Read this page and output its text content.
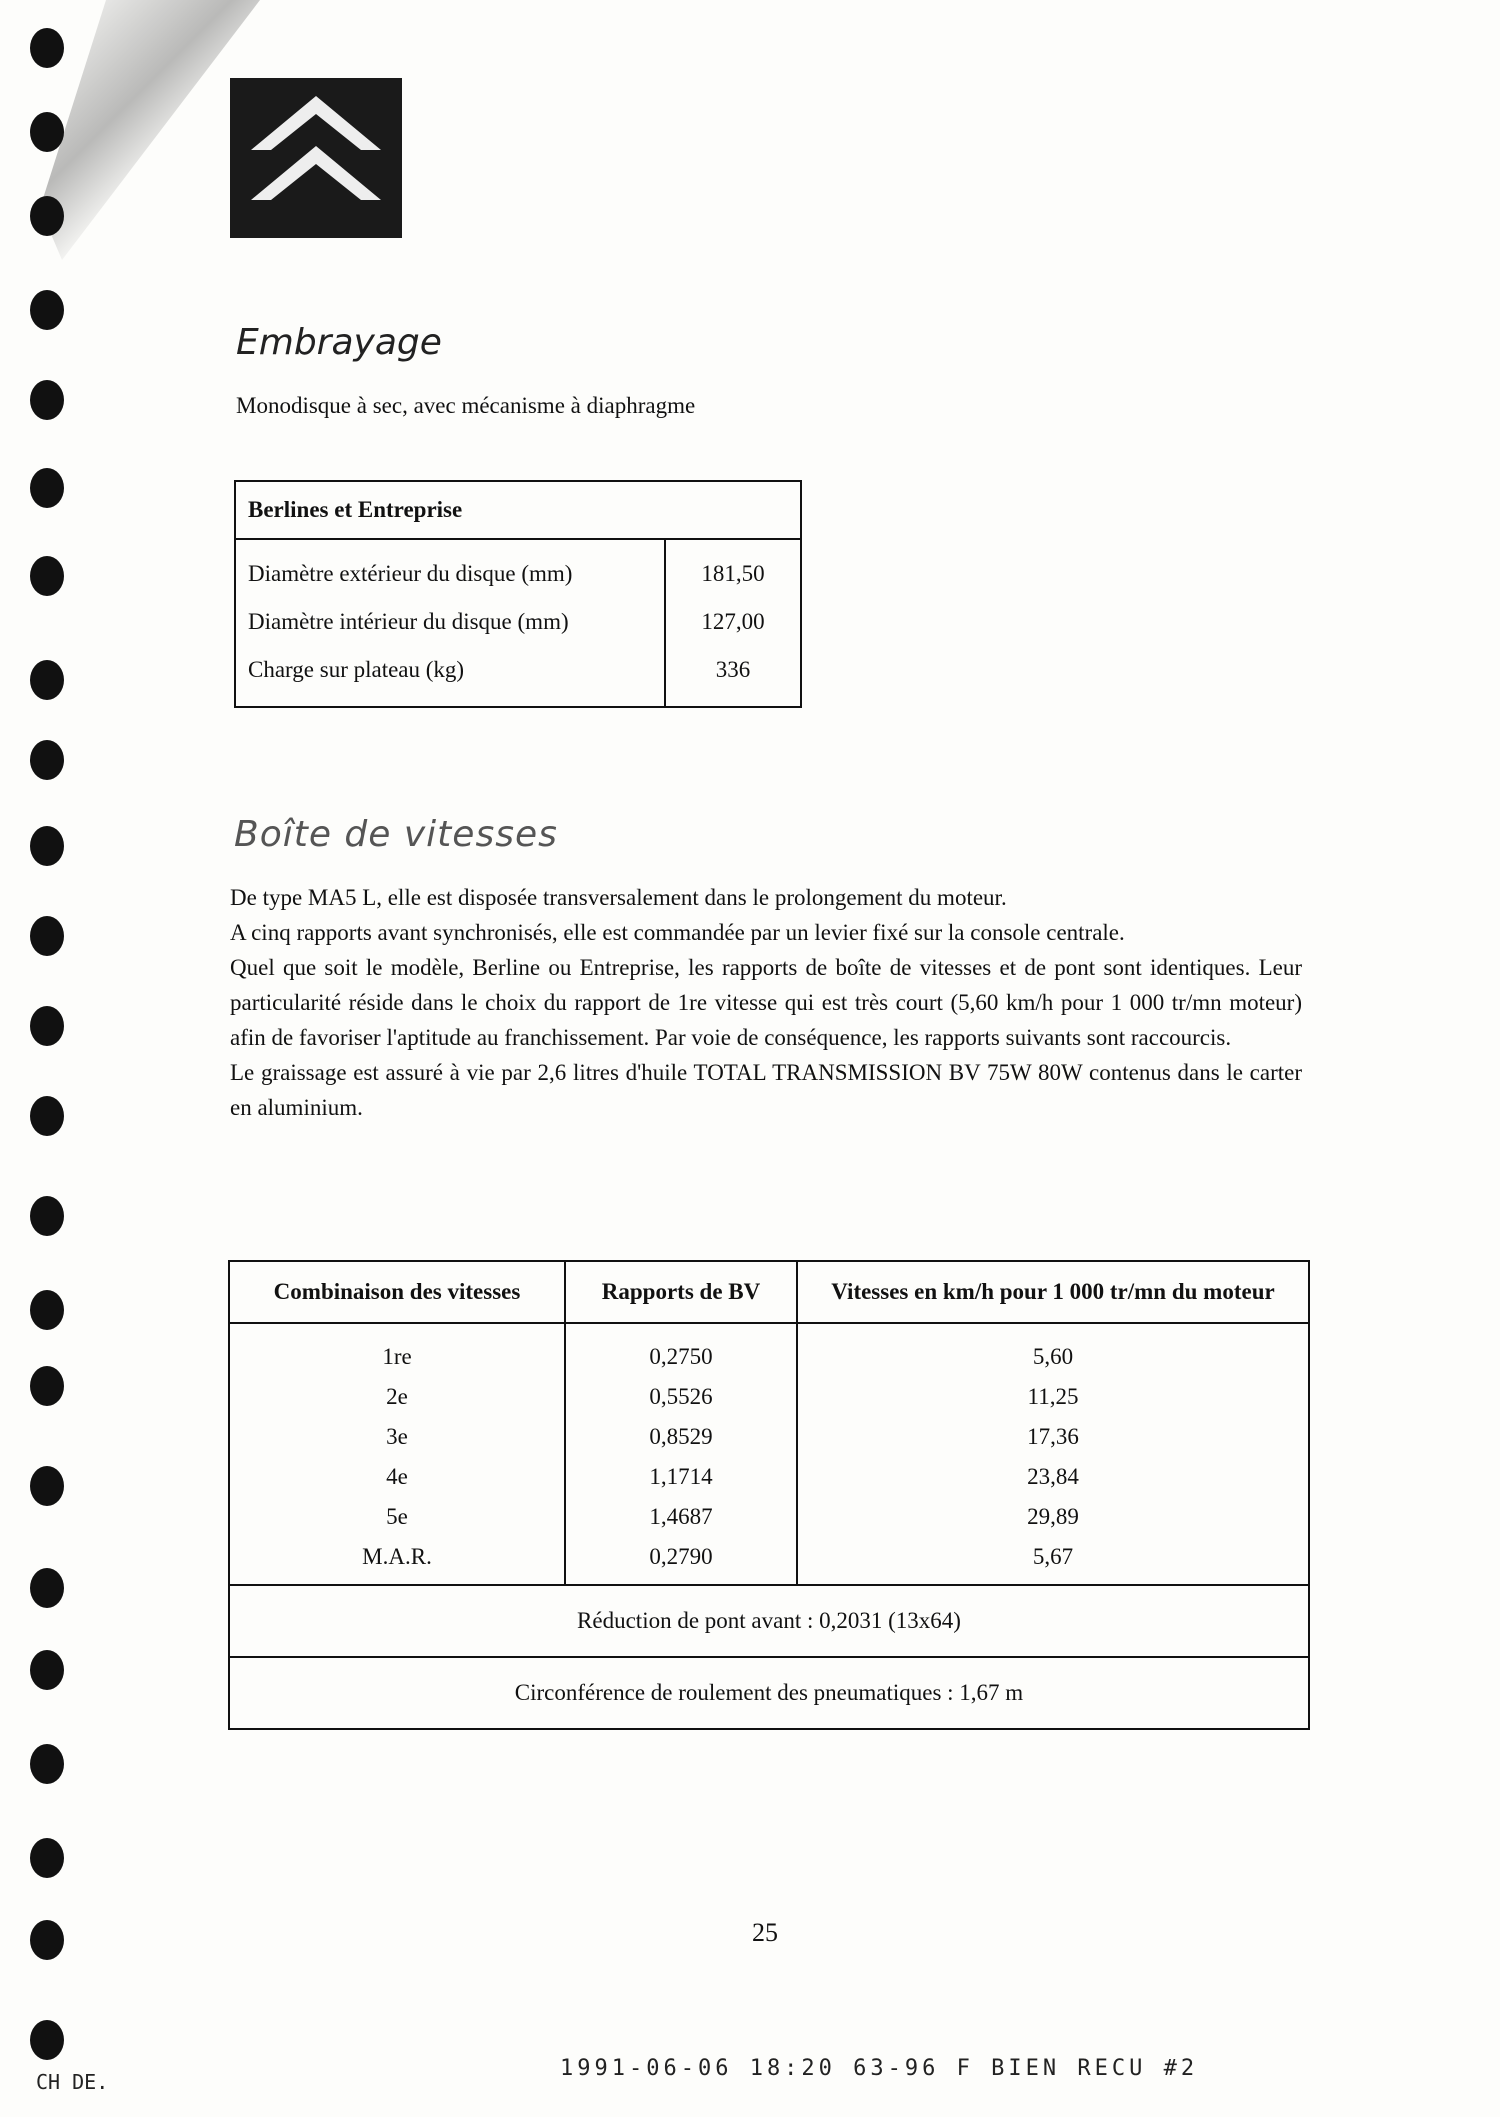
Embrayage
Monodisque à sec, avec mécanisme à diaphragme
Berlines et Entreprise	
Diamètre extérieur du disque (mm)	181,50
Diamètre intérieur du disque (mm)	127,00
Charge sur plateau (kg)	336
Boîte de vitesses

De type MA5 L, elle est disposée transversalement dans le prolongement du moteur.

A cinq rapports avant synchronisés, elle est commandée par un levier fixé sur la console centrale.

Quel que soit le modèle, Berline ou Entreprise, les rapports de boîte de vitesses et de pont sont identiques. Leur particularité réside dans le choix du rapport de 1re vitesse qui est très court (5,60 km/h pour 1 000 tr/mn moteur) afin de favoriser l'aptitude au franchissement. Par voie de conséquence, les rapports suivants sont raccourcis.

Le graissage est assuré à vie par 2,6 litres d'huile TOTAL TRANSMISSION BV 75W 80W contenus dans le carter en aluminium.

Combinaison des vitesses	Rapports de BV	Vitesses en km/h pour 1 000 tr/mn du moteur
1re	0,2750	5,60
2e	0,5526	11,25
3e	0,8529	17,36
4e	1,1714	23,84
5e	1,4687	29,89
M.A.R.	0,2790	5,67
Réduction de pont avant : 0,2031 (13x64)		
Circonférence de roulement des pneumatiques : 1,67 m		
25
1991-06-06 18:20 63-96 F BIEN RECU #2
CH DE.
